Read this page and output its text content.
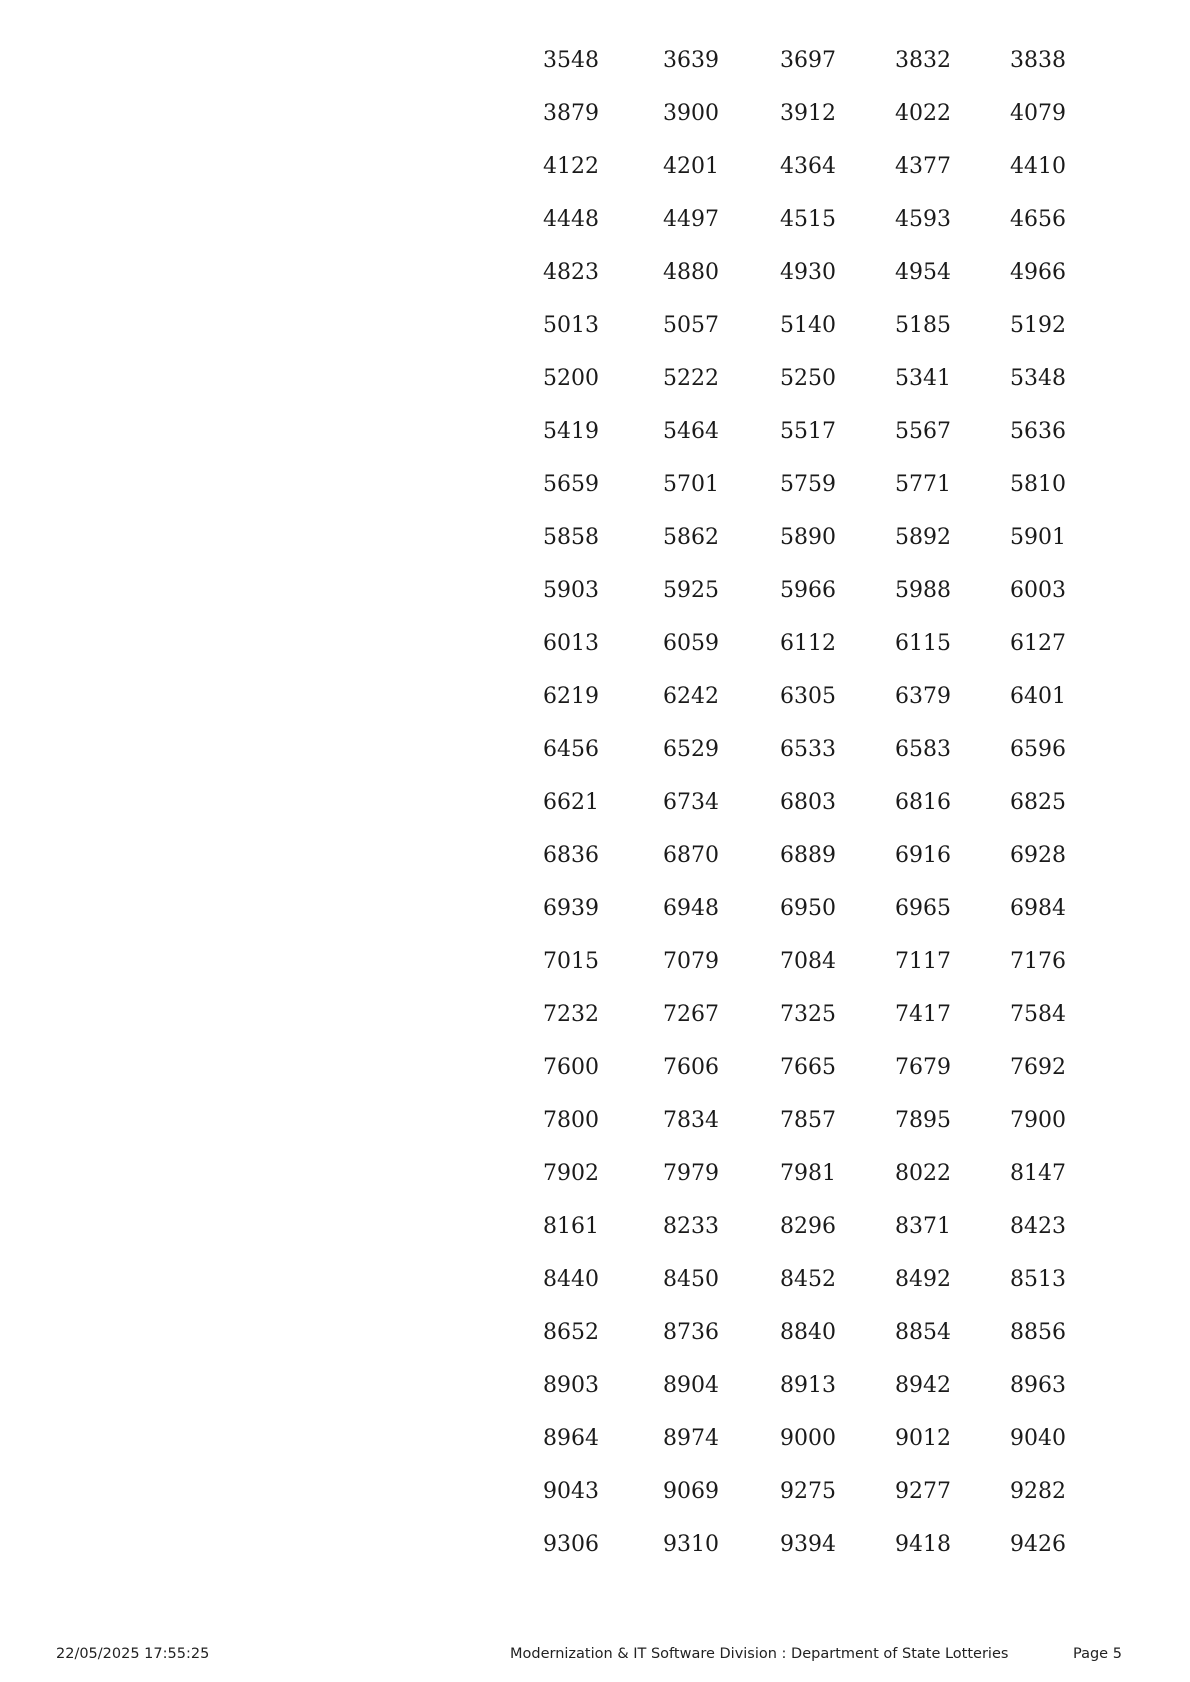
3548	3639	3697	3832	3838
3879	3900	3912	4022	4079
4122	4201	4364	4377	4410
4448	4497	4515	4593	4656
4823	4880	4930	4954	4966
5013	5057	5140	5185	5192
5200	5222	5250	5341	5348
5419	5464	5517	5567	5636
5659	5701	5759	5771	5810
5858	5862	5890	5892	5901
5903	5925	5966	5988	6003
6013	6059	6112	6115	6127
6219	6242	6305	6379	6401
6456	6529	6533	6583	6596
6621	6734	6803	6816	6825
6836	6870	6889	6916	6928
6939	6948	6950	6965	6984
7015	7079	7084	7117	7176
7232	7267	7325	7417	7584
7600	7606	7665	7679	7692
7800	7834	7857	7895	7900
7902	7979	7981	8022	8147
8161	8233	8296	8371	8423
8440	8450	8452	8492	8513
8652	8736	8840	8854	8856
8903	8904	8913	8942	8963
8964	8974	9000	9012	9040
9043	9069	9275	9277	9282
9306	9310	9394	9418	9426
22/05/2025 17:55:25	Modernization & IT Software Division : Department of State Lotteries	Page 5
